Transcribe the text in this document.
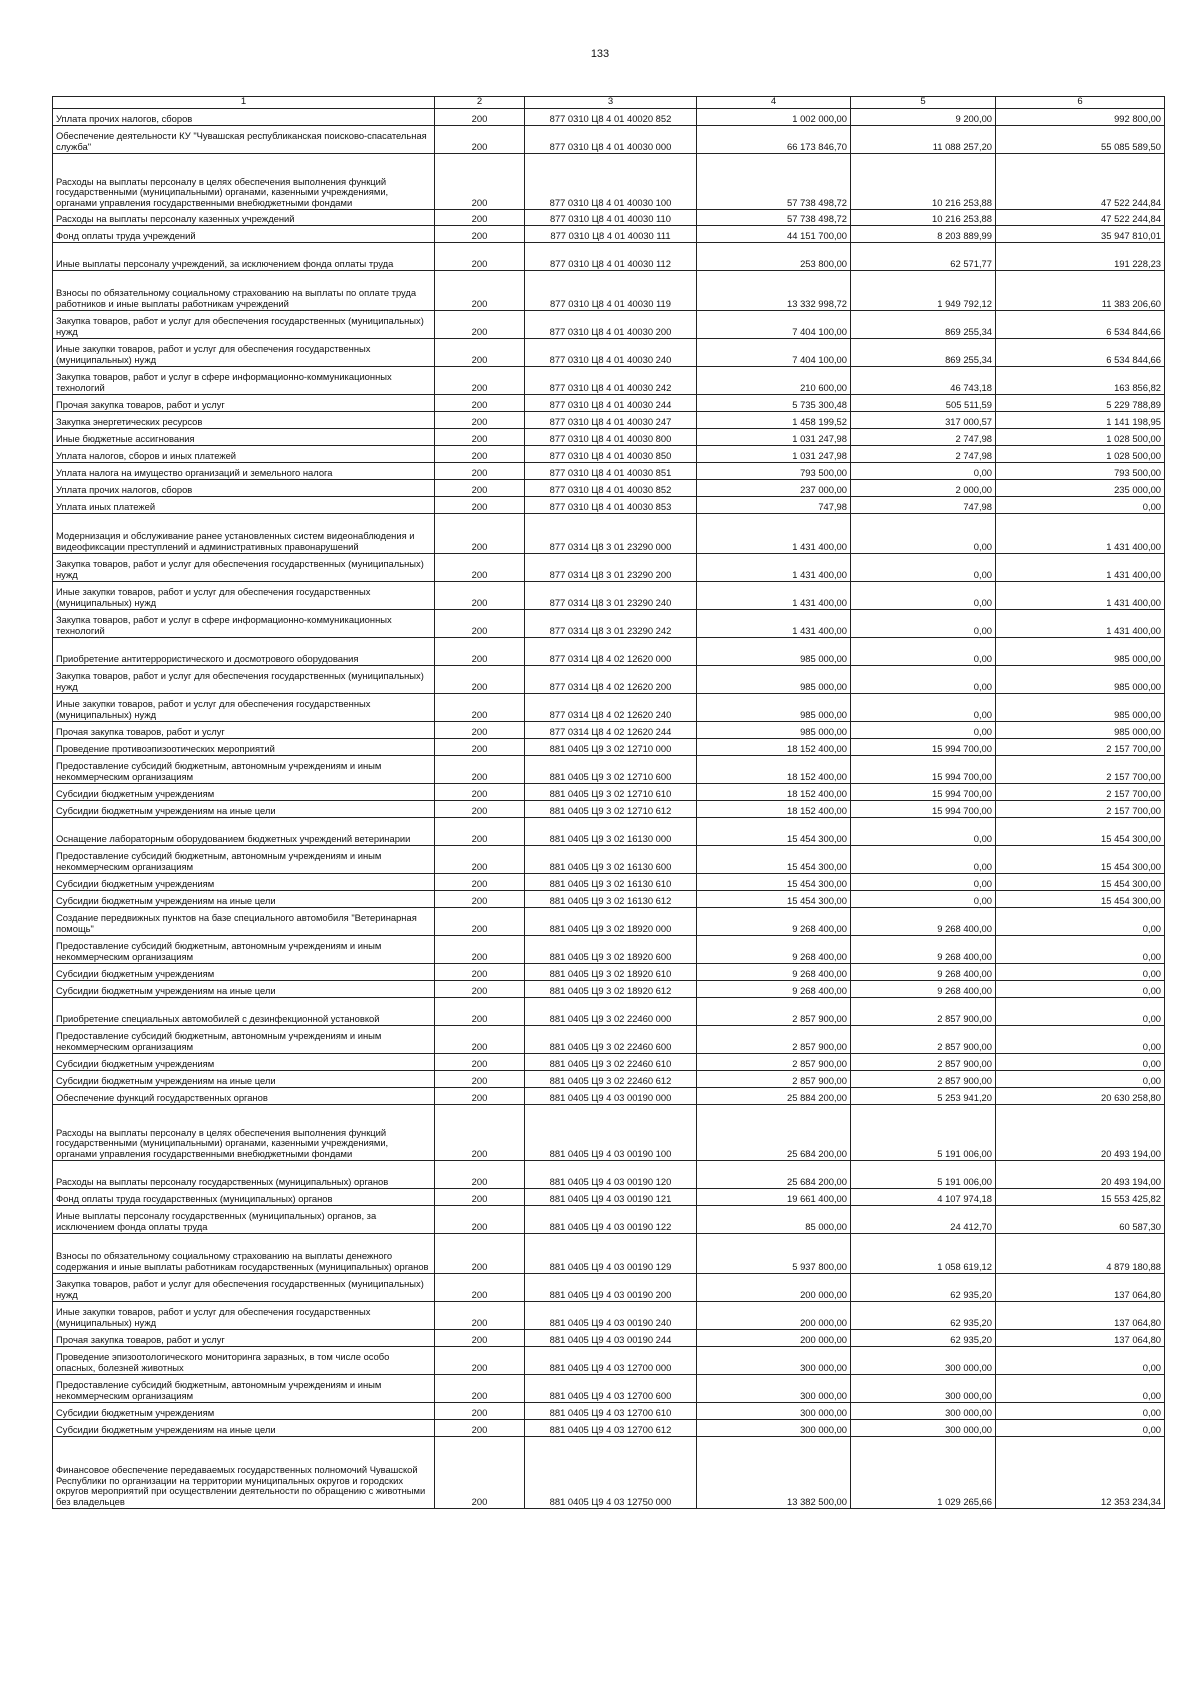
133
1	2	3	4	5	6
Уплата прочих налогов, сборов	200	877 0310 Ц8 4 01 40020 852	1 002 000,00	9 200,00	992 800,00
Обеспечение деятельности КУ "Чувашская республиканская поисково-спасательная служба"	200	877 0310 Ц8 4 01 40030 000	66 173 846,70	11 088 257,20	55 085 589,50
Расходы на выплаты персоналу в целях обеспечения выполнения функций государственными (муниципальными) органами, казенными учреждениями, органами управления государственными внебюджетными фондами	200	877 0310 Ц8 4 01 40030 100	57 738 498,72	10 216 253,88	47 522 244,84
Расходы на выплаты персоналу казенных учреждений	200	877 0310 Ц8 4 01 40030 110	57 738 498,72	10 216 253,88	47 522 244,84
Фонд оплаты труда учреждений	200	877 0310 Ц8 4 01 40030 111	44 151 700,00	8 203 889,99	35 947 810,01
Иные выплаты персоналу учреждений, за исключением фонда оплаты труда	200	877 0310 Ц8 4 01 40030 112	253 800,00	62 571,77	191 228,23
Взносы по обязательному социальному страхованию на выплаты по оплате труда работников и иные выплаты работникам учреждений	200	877 0310 Ц8 4 01 40030 119	13 332 998,72	1 949 792,12	11 383 206,60
Закупка товаров, работ и услуг для обеспечения государственных (муниципальных) нужд	200	877 0310 Ц8 4 01 40030 200	7 404 100,00	869 255,34	6 534 844,66
Иные закупки товаров, работ и услуг для обеспечения государственных (муниципальных) нужд	200	877 0310 Ц8 4 01 40030 240	7 404 100,00	869 255,34	6 534 844,66
Закупка товаров, работ и услуг в сфере информационно-коммуникационных технологий	200	877 0310 Ц8 4 01 40030 242	210 600,00	46 743,18	163 856,82
Прочая закупка товаров, работ и услуг	200	877 0310 Ц8 4 01 40030 244	5 735 300,48	505 511,59	5 229 788,89
Закупка энергетических ресурсов	200	877 0310 Ц8 4 01 40030 247	1 458 199,52	317 000,57	1 141 198,95
Иные бюджетные ассигнования	200	877 0310 Ц8 4 01 40030 800	1 031 247,98	2 747,98	1 028 500,00
Уплата налогов, сборов и иных платежей	200	877 0310 Ц8 4 01 40030 850	1 031 247,98	2 747,98	1 028 500,00
Уплата налога на имущество организаций и земельного налога	200	877 0310 Ц8 4 01 40030 851	793 500,00	0,00	793 500,00
Уплата прочих налогов, сборов	200	877 0310 Ц8 4 01 40030 852	237 000,00	2 000,00	235 000,00
Уплата иных платежей	200	877 0310 Ц8 4 01 40030 853	747,98	747,98	0,00
Модернизация и обслуживание ранее установленных систем видеонаблюдения и видеофиксации преступлений и административных правонарушений	200	877 0314 Ц8 3 01 23290 000	1 431 400,00	0,00	1 431 400,00
Закупка товаров, работ и услуг для обеспечения государственных (муниципальных) нужд	200	877 0314 Ц8 3 01 23290 200	1 431 400,00	0,00	1 431 400,00
Иные закупки товаров, работ и услуг для обеспечения государственных (муниципальных) нужд	200	877 0314 Ц8 3 01 23290 240	1 431 400,00	0,00	1 431 400,00
Закупка товаров, работ и услуг в сфере информационно-коммуникационных технологий	200	877 0314 Ц8 3 01 23290 242	1 431 400,00	0,00	1 431 400,00
Приобретение антитеррористического и досмотрового оборудования	200	877 0314 Ц8 4 02 12620 000	985 000,00	0,00	985 000,00
Закупка товаров, работ и услуг для обеспечения государственных (муниципальных) нужд	200	877 0314 Ц8 4 02 12620 200	985 000,00	0,00	985 000,00
Иные закупки товаров, работ и услуг для обеспечения государственных (муниципальных) нужд	200	877 0314 Ц8 4 02 12620 240	985 000,00	0,00	985 000,00
Прочая закупка товаров, работ и услуг	200	877 0314 Ц8 4 02 12620 244	985 000,00	0,00	985 000,00
Проведение противоэпизоотических мероприятий	200	881 0405 Ц9 3 02 12710 000	18 152 400,00	15 994 700,00	2 157 700,00
Предоставление субсидий бюджетным, автономным учреждениям и иным некоммерческим организациям	200	881 0405 Ц9 3 02 12710 600	18 152 400,00	15 994 700,00	2 157 700,00
Субсидии бюджетным учреждениям	200	881 0405 Ц9 3 02 12710 610	18 152 400,00	15 994 700,00	2 157 700,00
Субсидии бюджетным учреждениям на иные цели	200	881 0405 Ц9 3 02 12710 612	18 152 400,00	15 994 700,00	2 157 700,00
Оснащение лабораторным оборудованием бюджетных учреждений ветеринарии	200	881 0405 Ц9 3 02 16130 000	15 454 300,00	0,00	15 454 300,00
Предоставление субсидий бюджетным, автономным учреждениям и иным некоммерческим организациям	200	881 0405 Ц9 3 02 16130 600	15 454 300,00	0,00	15 454 300,00
Субсидии бюджетным учреждениям	200	881 0405 Ц9 3 02 16130 610	15 454 300,00	0,00	15 454 300,00
Субсидии бюджетным учреждениям на иные цели	200	881 0405 Ц9 3 02 16130 612	15 454 300,00	0,00	15 454 300,00
Создание передвижных пунктов на базе специального автомобиля "Ветеринарная помощь"	200	881 0405 Ц9 3 02 18920 000	9 268 400,00	9 268 400,00	0,00
Предоставление субсидий бюджетным, автономным учреждениям и иным некоммерческим организациям	200	881 0405 Ц9 3 02 18920 600	9 268 400,00	9 268 400,00	0,00
Субсидии бюджетным учреждениям	200	881 0405 Ц9 3 02 18920 610	9 268 400,00	9 268 400,00	0,00
Субсидии бюджетным учреждениям на иные цели	200	881 0405 Ц9 3 02 18920 612	9 268 400,00	9 268 400,00	0,00
Приобретение специальных автомобилей с дезинфекционной установкой	200	881 0405 Ц9 3 02 22460 000	2 857 900,00	2 857 900,00	0,00
Предоставление субсидий бюджетным, автономным учреждениям и иным некоммерческим организациям	200	881 0405 Ц9 3 02 22460 600	2 857 900,00	2 857 900,00	0,00
Субсидии бюджетным учреждениям	200	881 0405 Ц9 3 02 22460 610	2 857 900,00	2 857 900,00	0,00
Субсидии бюджетным учреждениям на иные цели	200	881 0405 Ц9 3 02 22460 612	2 857 900,00	2 857 900,00	0,00
Обеспечение функций государственных органов	200	881 0405 Ц9 4 03 00190 000	25 884 200,00	5 253 941,20	20 630 258,80
Расходы на выплаты персоналу в целях обеспечения выполнения функций государственными (муниципальными) органами, казенными учреждениями, органами управления государственными внебюджетными фондами	200	881 0405 Ц9 4 03 00190 100	25 684 200,00	5 191 006,00	20 493 194,00
Расходы на выплаты персоналу государственных (муниципальных) органов	200	881 0405 Ц9 4 03 00190 120	25 684 200,00	5 191 006,00	20 493 194,00
Фонд оплаты труда государственных (муниципальных) органов	200	881 0405 Ц9 4 03 00190 121	19 661 400,00	4 107 974,18	15 553 425,82
Иные выплаты персоналу государственных (муниципальных) органов, за исключением фонда оплаты труда	200	881 0405 Ц9 4 03 00190 122	85 000,00	24 412,70	60 587,30
Взносы по обязательному социальному страхованию на выплаты денежного содержания и иные выплаты работникам государственных (муниципальных) органов	200	881 0405 Ц9 4 03 00190 129	5 937 800,00	1 058 619,12	4 879 180,88
Закупка товаров, работ и услуг для обеспечения государственных (муниципальных) нужд	200	881 0405 Ц9 4 03 00190 200	200 000,00	62 935,20	137 064,80
Иные закупки товаров, работ и услуг для обеспечения государственных (муниципальных) нужд	200	881 0405 Ц9 4 03 00190 240	200 000,00	62 935,20	137 064,80
Прочая закупка товаров, работ и услуг	200	881 0405 Ц9 4 03 00190 244	200 000,00	62 935,20	137 064,80
Проведение эпизоотологического мониторинга заразных, в том числе особо опасных, болезней животных	200	881 0405 Ц9 4 03 12700 000	300 000,00	300 000,00	0,00
Предоставление субсидий бюджетным, автономным учреждениям и иным некоммерческим организациям	200	881 0405 Ц9 4 03 12700 600	300 000,00	300 000,00	0,00
Субсидии бюджетным учреждениям	200	881 0405 Ц9 4 03 12700 610	300 000,00	300 000,00	0,00
Субсидии бюджетным учреждениям на иные цели	200	881 0405 Ц9 4 03 12700 612	300 000,00	300 000,00	0,00
Финансовое обеспечение передаваемых государственных полномочий Чувашской Республики по организации на территории муниципальных округов и городских округов мероприятий при осуществлении деятельности по обращению с животными без владельцев	200	881 0405 Ц9 4 03 12750 000	13 382 500,00	1 029 265,66	12 353 234,34
